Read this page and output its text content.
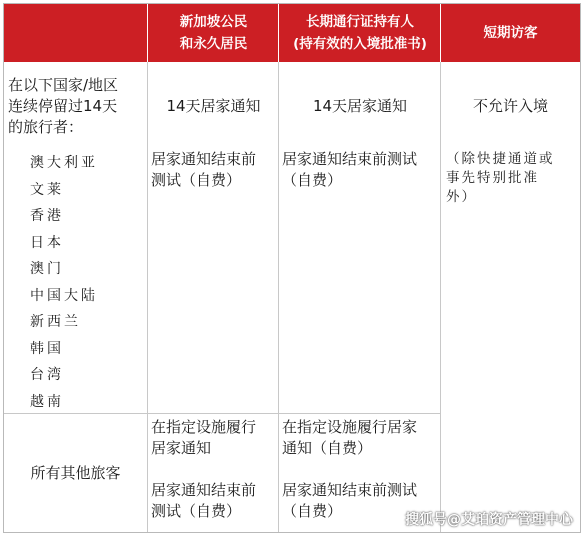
新加坡公民
和永久居民
长期通行证持有人
(持有效的入境批准书)
短期访客
在以下国家/地区
连续停留过14天
的旅行者：
澳大利亚
文莱
香港
日本
澳门
中国大陆
新西兰
韩国
台湾
越南
14天居家通知
居家通知结束前
测试（自费）
14天居家通知
居家通知结束前测试
（自费）
不允许入境
（除快捷通道或
事先特别批准
外）
所有其他旅客
在指定设施履行
居家通知
居家通知结束前
测试（自费）
在指定设施履行居家
通知（自费）
居家通知结束前测试
（自费）	搜狐号@艾珀资产管理中心
